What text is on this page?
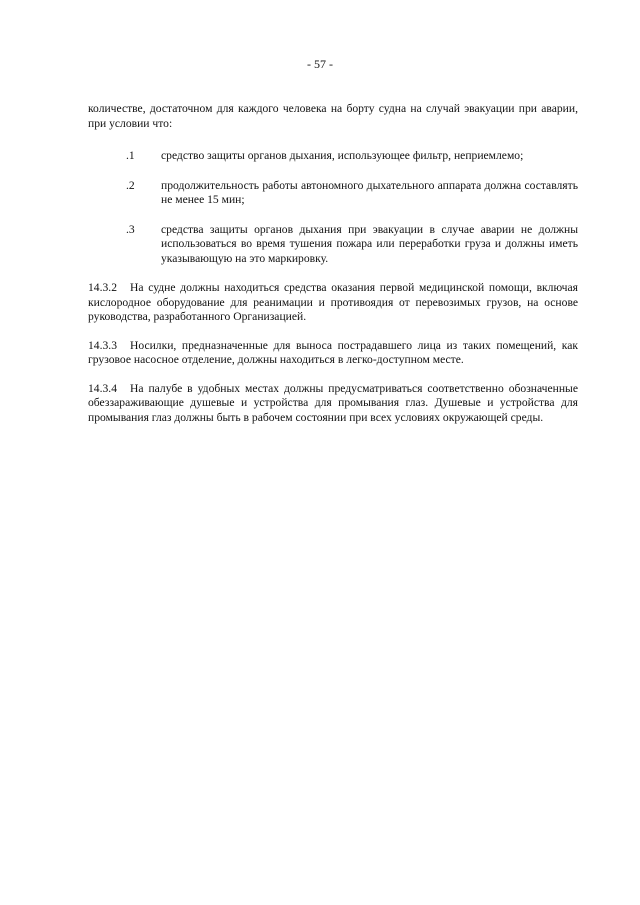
- 57 -

количестве, достаточном для каждого человека на борту судна на случай эвакуации при аварии, при условии что:

.1	средство защиты органов дыхания, использующее фильтр, неприемлемо;
.2	продолжительность работы автономного дыхательного аппарата должна составлять не менее 15 мин;
.3	средства защиты органов дыхания при эвакуации в случае аварии не должны использоваться во время тушения пожара или переработки груза и должны иметь указывающую на это маркировку.

14.3.2 На судне должны находиться средства оказания первой медицинской помощи, включая кислородное оборудование для реанимации и противоядия от перевозимых грузов, на основе руководства, разработанного Организацией.

14.3.3 Носилки, предназначенные для выноса пострадавшего лица из таких помещений, как грузовое насосное отделение, должны находиться в легко-доступном месте.

14.3.4 На палубе в удобных местах должны предусматриваться соответственно обозначенные обеззараживающие душевые и устройства для промывания глаз. Душевые и устройства для промывания глаз должны быть в рабочем состоянии при всех условиях окружающей среды.
